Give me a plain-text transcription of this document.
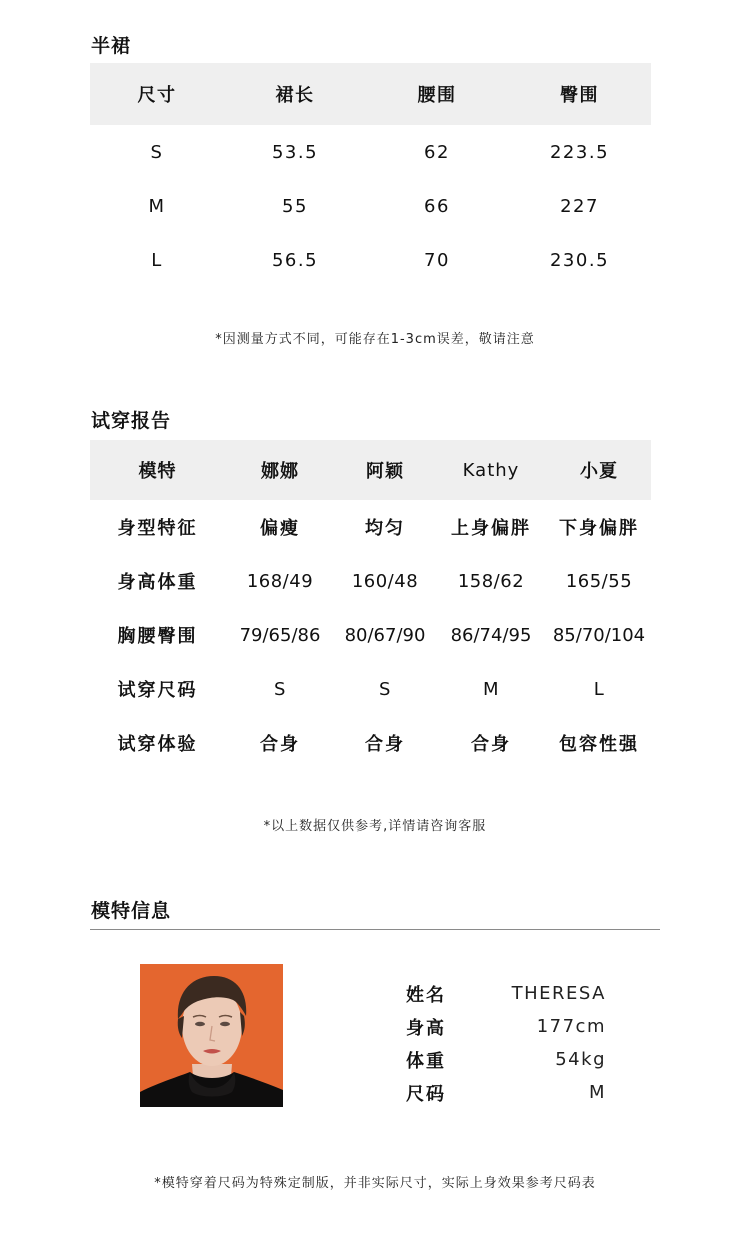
半裙
尺寸	裙长	腰围	臀围
S	53.5	62	223.5
M	55	66	227
L	56.5	70	230.5
*因测量方式不同，可能存在1-3cm误差，敬请注意
试穿报告
模特	娜娜	阿颖	Kathy	小夏
身型特征	偏瘦	均匀	上身偏胖	下身偏胖
身高体重	168/49	160/48	158/62	165/55
胸腰臀围	79/65/86	80/67/90	86/74/95	85/70/104
试穿尺码	S	S	M	L
试穿体验	合身	合身	合身	包容性强
*以上数据仅供参考,详情请咨询客服
模特信息
姓名	THERESA
身高	177cm
体重	54kg
尺码	M
*模特穿着尺码为特殊定制版，并非实际尺寸，实际上身效果参考尺码表
